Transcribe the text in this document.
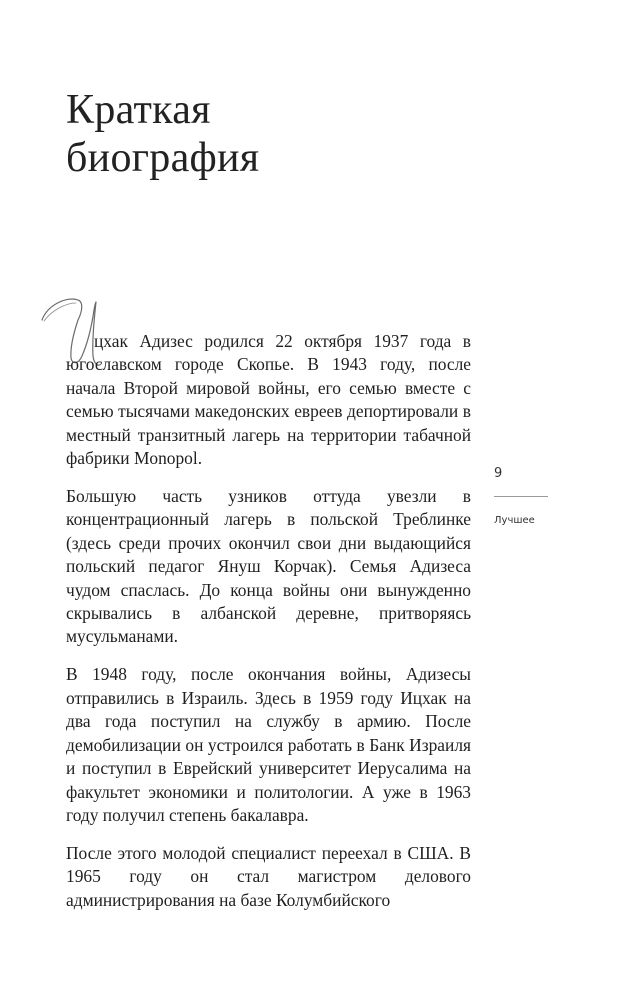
Краткая
биография

цхак Адизес родился 22 октября 1937 года в югославском городе Скопье. В 1943 году, после начала Второй мировой войны, его семью вместе с семью тысячами македонских евреев депортировали в местный транзитный лагерь на территории табачной фабрики Monopol.

Большую часть узников оттуда увезли в концентрационный лагерь в польской Треблинке (здесь среди прочих окончил свои дни выдающийся польский педагог Януш Корчак). Семья Адизеса чудом спаслась. До конца войны они вынужденно скрывались в албанской деревне, притворяясь мусульманами.

В 1948 году, после окончания войны, Адизесы отправились в Израиль. Здесь в 1959 году Ицхак на два года поступил на службу в армию. После демобилизации он устроился работать в Банк Израиля и поступил в Еврейский университет Иерусалима на факультет экономики и политологии. А уже в 1963 году получил степень бакалавра.

После этого молодой специалист переехал в США. В 1965 году он стал магистром делового администрирования на базе Колумбийского

9
Лучшее
